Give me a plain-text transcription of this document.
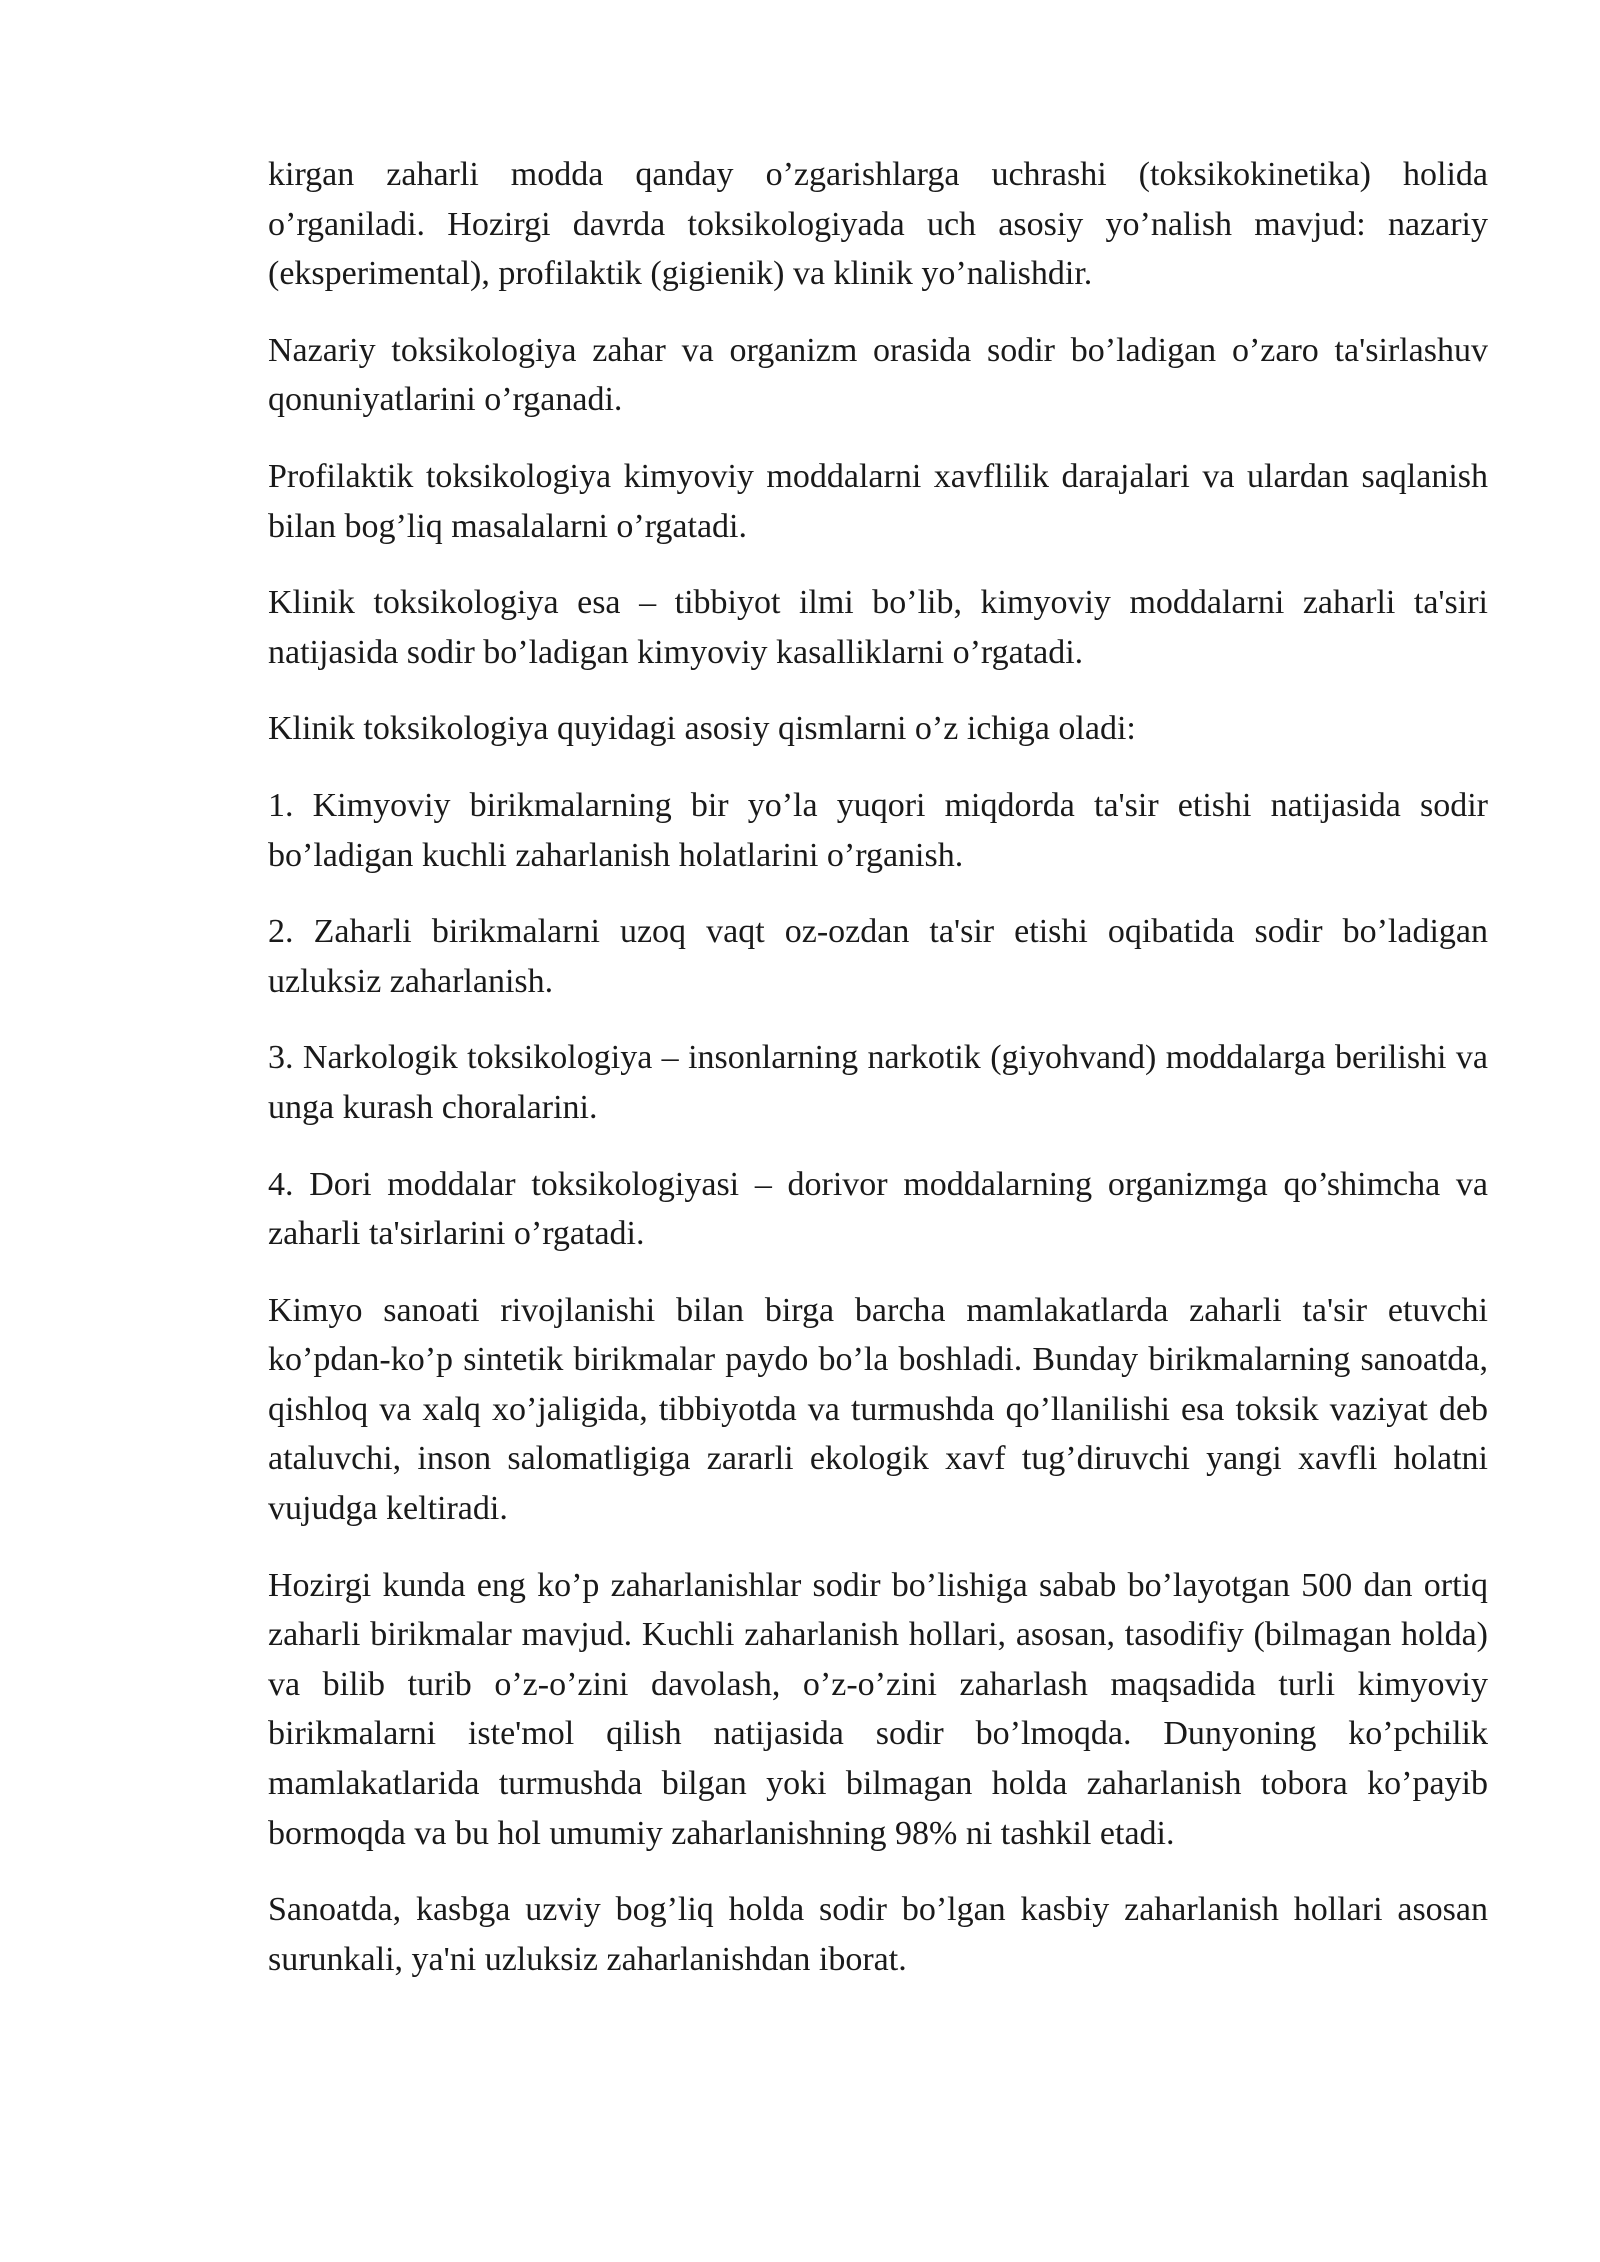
kirgan zaharli modda qanday o’zgarishlarga uchrashi (toksikokinetika) holida o’rganiladi. Hozirgi davrda toksikologiyada uch asosiy yo’nalish mavjud: nazariy (eksperimental), profilaktik (gigienik) va klinik yo’nalishdir.

Nazariy toksikologiya zahar va organizm orasida sodir bo’ladigan o’zaro ta'sirlashuv qonuniyatlarini o’rganadi.

Profilaktik toksikologiya kimyoviy moddalarni xavflilik darajalari va ulardan saqlanish bilan bog’liq masalalarni o’rgatadi.

Klinik toksikologiya esa – tibbiyot ilmi bo’lib, kimyoviy moddalarni zaharli ta'siri natijasida sodir bo’ladigan kimyoviy kasalliklarni o’rgatadi.

Klinik toksikologiya quyidagi asosiy qismlarni o’z ichiga oladi:

1. Kimyoviy birikmalarning bir yo’la yuqori miqdorda ta'sir etishi natijasida sodir bo’ladigan kuchli zaharlanish holatlarini o’rganish.

2. Zaharli birikmalarni uzoq vaqt oz-ozdan ta'sir etishi oqibatida sodir bo’ladigan uzluksiz zaharlanish.

3. Narkologik toksikologiya – insonlarning narkotik (giyohvand) moddalarga berilishi va unga kurash choralarini.

4. Dori moddalar toksikologiyasi – dorivor moddalarning organizmga qo’shimcha va zaharli ta'sirlarini o’rgatadi.

Kimyo sanoati rivojlanishi bilan birga barcha mamlakatlarda zaharli ta'sir etuvchi ko’pdan-ko’p sintetik birikmalar paydo bo’la boshladi. Bunday birikmalarning sanoatda, qishloq va xalq xo’jaligida, tibbiyotda va turmushda qo’llanilishi esa toksik vaziyat deb ataluvchi, inson salomatligiga zararli ekologik xavf tug’diruvchi yangi xavfli holatni vujudga keltiradi.

Hozirgi kunda eng ko’p zaharlanishlar sodir bo’lishiga sabab bo’layotgan 500 dan ortiq zaharli birikmalar mavjud. Kuchli zaharlanish hollari, asosan, tasodifiy (bilmagan holda) va bilib turib o’z-o’zini davolash, o’z-o’zini zaharlash maqsadida turli kimyoviy birikmalarni iste'mol qilish natijasida sodir bo’lmoqda. Dunyoning ko’pchilik mamlakatlarida turmushda bilgan yoki bilmagan holda zaharlanish tobora ko’payib bormoqda va bu hol umumiy zaharlanishning 98% ni tashkil etadi.

Sanoatda, kasbga uzviy bog’liq holda sodir bo’lgan kasbiy zaharlanish hollari asosan surunkali, ya'ni uzluksiz zaharlanishdan iborat.
